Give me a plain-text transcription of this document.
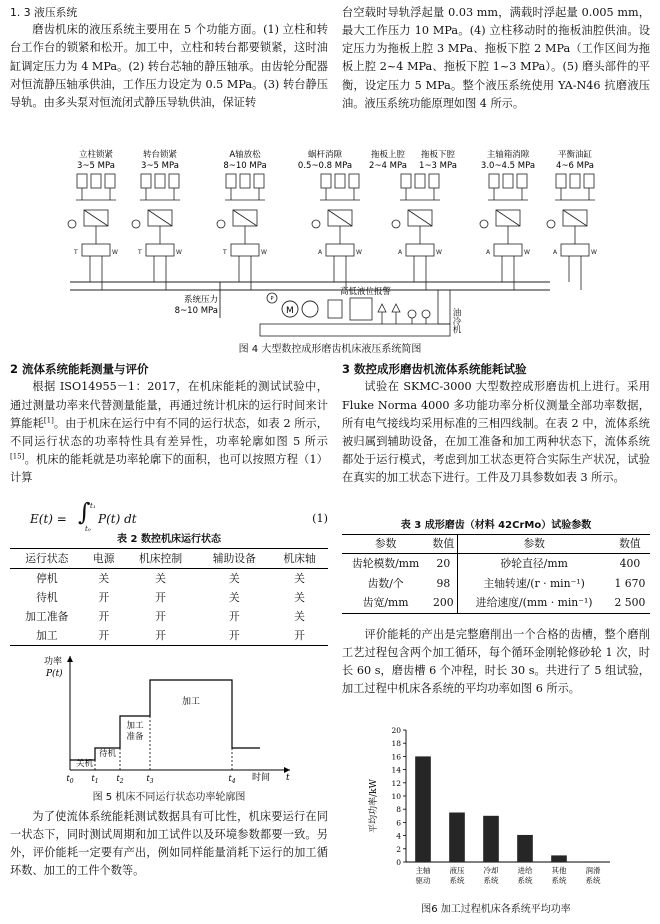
1. 3 液压系统

磨齿机床的液压系统主要用在 5 个功能方面。(1) 立柱和转台工作台的锁紧和松开。加工中，立柱和转台都要锁紧，这时油缸调定压力为 4 MPa。(2) 转台芯轴的静压轴承。由齿轮分配器对恒流静压轴承供油，工作压力设定为 0.5 MPa。(3) 转台静压导轨。由多头泵对恒流闭式静压导轨供油，保证转

台空载时导轨浮起量 0.03 mm，满载时浮起量 0.005 mm，最大工作压力 10 MPa。(4) 立柱移动时的拖板油腔供油。设定压力为拖板上腔 3 MPa、拖板下腔 2 MPa（工作区间为拖板上腔 2~4 MPa、拖板下腔 1~3 MPa）。(5) 磨头部件的平衡，设定压力 5 MPa。整个液压系统使用 YA-N46 抗磨液压油。液压系统功能原理如图 4 所示。

立柱锁紧
3~5 MPa
转台锁紧
3~5 MPa
A轴放松
8~10 MPa
蜗杆消隙
0.5~0.8 MPa
拖板上腔
2~4 MPa
拖板下腔
1~3 MPa
主轴箱消隙
3.0~4.5 MPa
平衡油缸
4~6 MPa
T	W	T	W	T	W	A	W	A	W	A	W	A	W
M
P
系统压力
8~10 MPa
高低液位报警
油冷机
图 4 大型数控成形磨齿机床液压系统简图
2 流体系统能耗测量与评价

根据 ISO14955－1：2017，在机床能耗的测试试验中，通过测量功率来代替测量能量，再通过统计机床的运行时间来计算能耗[1]。由于机床在运行中有不同的运行状态，如表 2 所示，不同运行状态的功率特性具有差异性，功率轮廓如图 5 所示[15]。机床的能耗就是功率轮廓下的面积，也可以按照方程（1）计算

E(t) = ∫ t₁
t₀
P(t) dt	(1)
表 2 数控机床运行状态
运行状态	电源	机床控制	辅助设备	机床轴
停机	关	关	关	关
待机	开	开	关	关
加工准备	开	开	开	关
加工	开	开	开	开
功率
P(t)
时间 t
关机
待机
加工
准备
加工
$t_0$ $t_1$ $t_2$	$t_3$	$t_4$
图 5 机床不同运行状态功率轮廓图

为了使流体系统能耗测试数据具有可比性，机床要运行在同一状态下，同时测试周期和加工试件以及环境参数都要一致。另外，评价能耗一定要有产出，例如同样能量消耗下运行的加工循环数、加工的工件个数等。

3 数控成形磨齿机流体系统能耗试验

试验在 SKMC-3000 大型数控成形磨齿机上进行。采用 Fluke Norma 4000 多功能功率分析仪测量全部功率数据，所有电气接线均采用标准的三相四线制。在表 2 中，流体系统被归属到辅助设备，在加工准备和加工两种状态下，流体系统都处于运行模式，考虑到加工状态更符合实际生产状况，试验在真实的加工状态下进行。工件及刀具参数如表 3 所示。

表 3 成形磨齿（材料 42CrMo）试验参数
参数	数值	参数	数值
齿轮模数/mm	20	砂轮直径/mm	400
齿数/个	98	主轴转速/(r · min⁻¹)	1 670
齿宽/mm	200	进给速度/(mm · min⁻¹)	2 500

评价能耗的产出是完整磨削出一个合格的齿槽，整个磨削工艺过程包含两个加工循环，每个循环金刚轮修砂轮 1 次，时长 60 s，磨齿槽 6 个冲程，时长 30 s。共进行了 5 组试验，加工过程中机床各系统的平均功率如图 6 所示。

平均功率/kW
0
2
4
6
8
10
12
14
16
18
20
主轴
驱动
液压
系统
冷却
系统
进给
系统
其他
系统
润滑
系统
图6 加工过程机床各系统平均功率
